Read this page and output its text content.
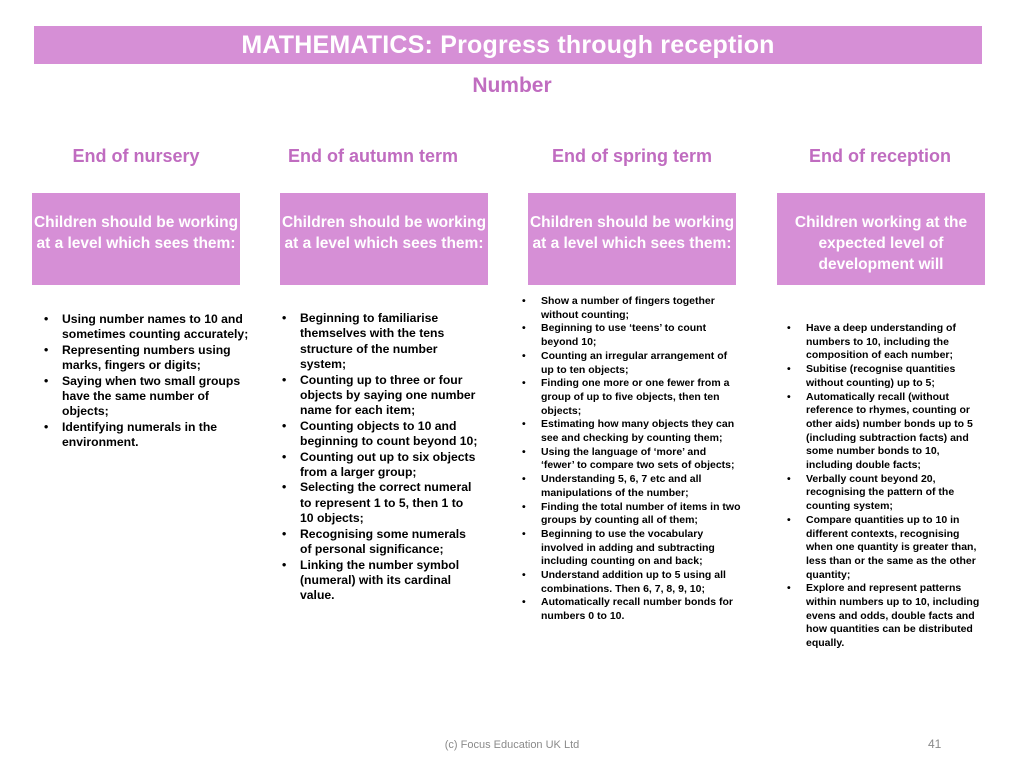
MATHEMATICS: Progress through reception
Number
End of nursery	End of autumn term	End of spring term	End of reception
Children should be working at a level which sees them:
Children should be working at a level which sees them:
Children should be working at a level which sees them:
Children working at the expected level of development will
• Using number names to 10 and sometimes counting accurately;
• Representing numbers using marks, fingers or digits;
• Saying when two small groups have the same number of objects;
• Identifying numerals in the environment.
• Beginning to familiarise themselves with the tens structure of the number system;
• Counting up to three or four objects by saying one number name for each item;
• Counting objects to 10 and beginning to count beyond 10;
• Counting out up to six objects from a larger group;
• Selecting the correct numeral to represent 1 to 5, then 1 to 10 objects;
• Recognising some numerals of personal significance;
• Linking the number symbol (numeral) with its cardinal value.
• Show a number of fingers together without counting;
• Beginning to use ‘teens’ to count beyond 10;
• Counting an irregular arrangement of up to ten objects;
• Finding one more or one fewer from a group of up to five objects, then ten objects;
• Estimating how many objects they can see and checking by counting them;
• Using the language of ‘more’ and ‘fewer’ to compare two sets of objects;
• Understanding 5, 6, 7 etc and all manipulations of the number;
• Finding the total number of items in two groups by counting all of them;
• Beginning to use the vocabulary involved in adding and subtracting including counting on and back;
• Understand addition up to 5 using all combinations. Then 6, 7, 8, 9, 10;
• Automatically recall number bonds for numbers 0 to 10.
• Have a deep understanding of numbers to 10, including the composition of each number;
• Subitise (recognise quantities without counting) up to 5;
• Automatically recall (without reference to rhymes, counting or other aids) number bonds up to 5 (including subtraction facts) and some number bonds to 10, including double facts;
• Verbally count beyond 20, recognising the pattern of the counting system;
• Compare quantities up to 10 in different contexts, recognising when one quantity is greater than, less than or the same as the other quantity;
• Explore and represent patterns within numbers up to 10, including evens and odds, double facts and how quantities can be distributed equally.
(c) Focus Education UK Ltd	41
